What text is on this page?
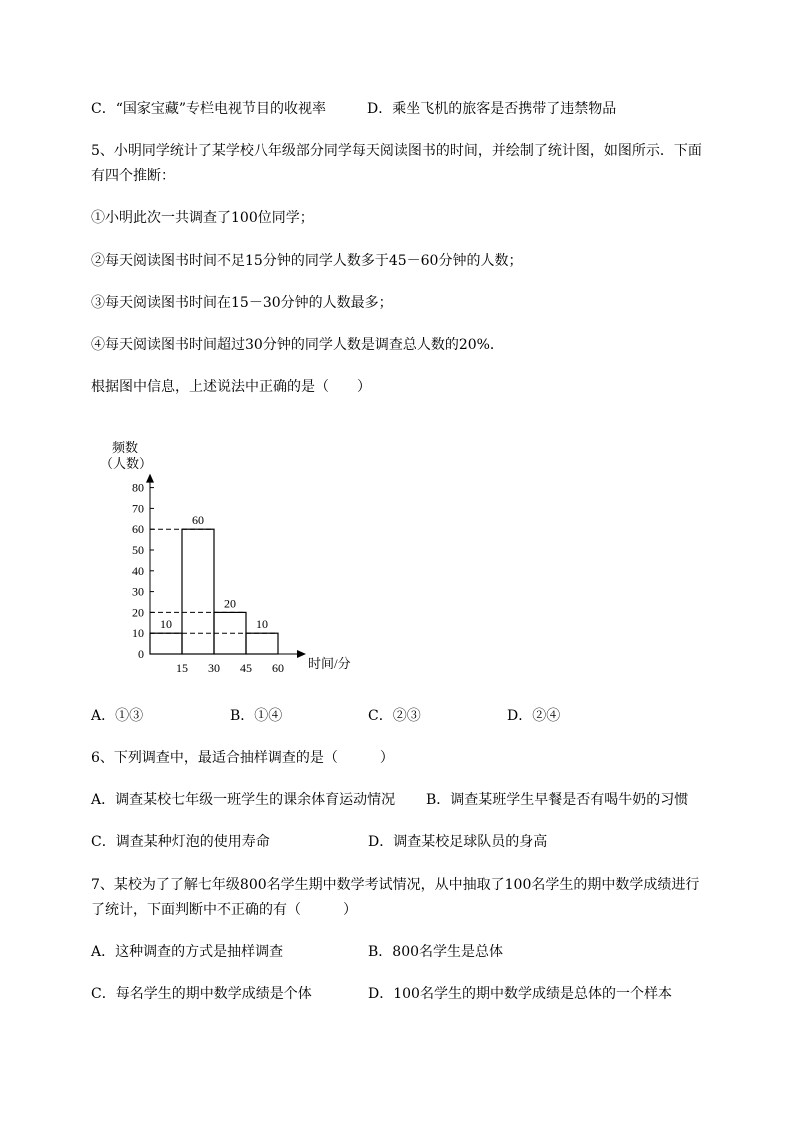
C．“国家宝藏”专栏电视节目的收视率	D．乘坐飞机的旅客是否携带了违禁物品
5、小明同学统计了某学校八年级部分同学每天阅读图书的时间，并绘制了统计图，如图所示．下面
有四个推断：
①小明此次一共调查了100位同学；
②每天阅读图书时间不足15分钟的同学人数多于45－60分钟的人数；
③每天阅读图书时间在15－30分钟的人数最多；
④每天阅读图书时间超过30分钟的同学人数是调查总人数的20%．
根据图中信息，上述说法中正确的是（　　）
频数
（人数）
时间/分
0
10
20
30
40
50
60
70
80
15 30 45 60
10
60
20
10
A．①③	B．①④	C．②③	D．②④
6、下列调查中，最适合抽样调查的是（　　　）
A．调查某校七年级一班学生的课余体育运动情况 B．调查某班学生早餐是否有喝牛奶的习惯
C．调查某种灯泡的使用寿命	D．调查某校足球队员的身高
7、某校为了了解七年级800名学生期中数学考试情况，从中抽取了100名学生的期中数学成绩进行
了统计，下面判断中不正确的有（　　　）
A．这种调查的方式是抽样调查	B．800名学生是总体
C．每名学生的期中数学成绩是个体	D．100名学生的期中数学成绩是总体的一个样本
